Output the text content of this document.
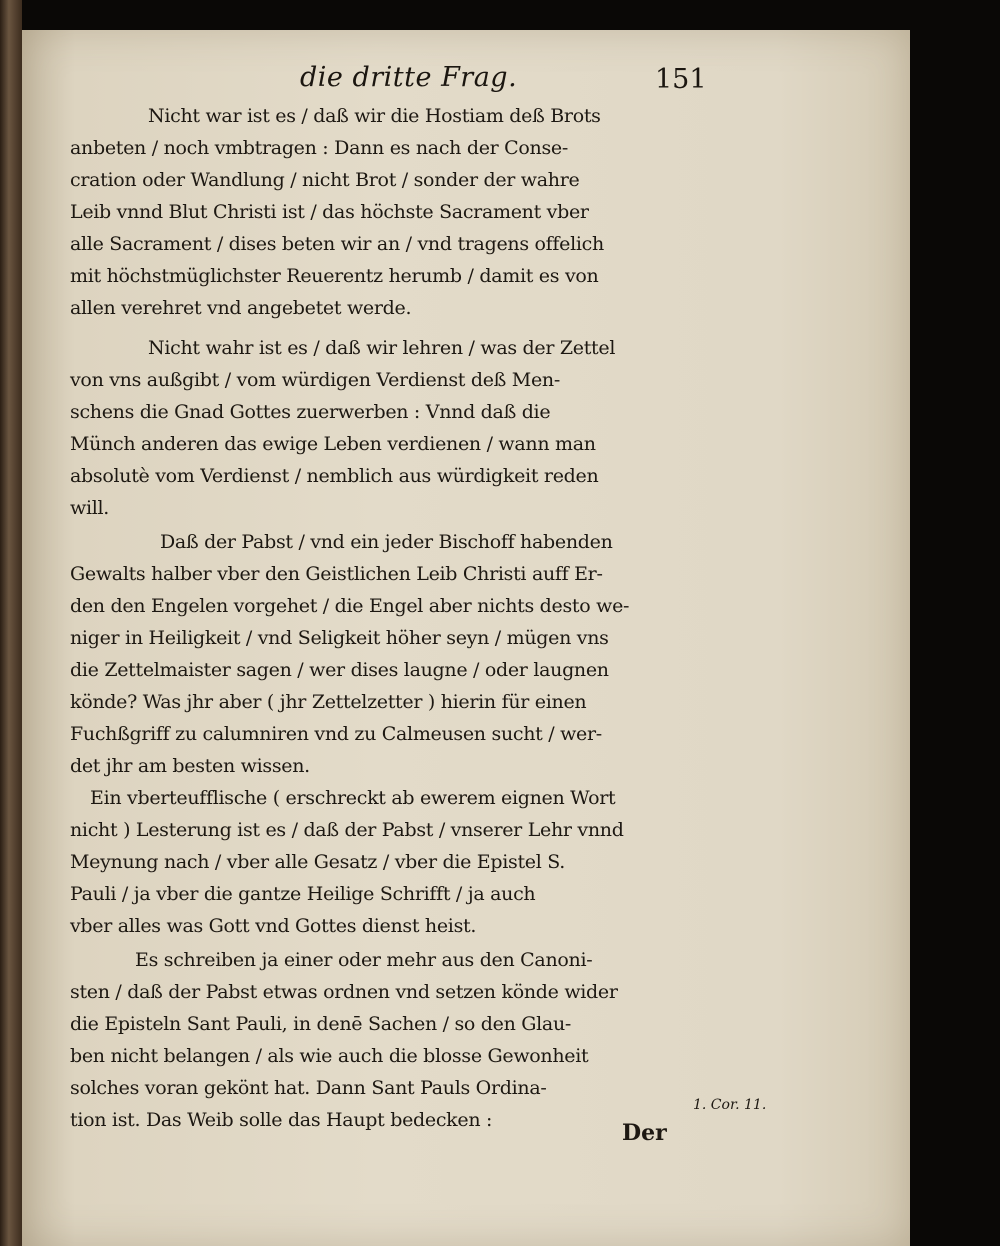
die dritte Frag.	151
Nicht war ist es / daß wir die Hostiam deß Brots
anbeten / noch vmbtragen : Dann es nach der Conse-
cration oder Wandlung / nicht Brot / sonder der wahre
Leib vnnd Blut Christi ist / das höchste Sacrament vber
alle Sacrament / dises beten wir an / vnd tragens offelich
mit höchstmüglichster Reuerentz herumb / damit es von
allen verehret vnd angebetet werde.
Nicht wahr ist es / daß wir lehren / was der Zettel
von vns außgibt / vom würdigen Verdienst deß Men-
schens die Gnad Gottes zuerwerben : Vnnd daß die
Münch anderen das ewige Leben verdienen / wann man
absolutè vom Verdienst / nemblich aus würdigkeit reden
will.
Daß der Pabst / vnd ein jeder Bischoff habenden
Gewalts halber vber den Geistlichen Leib Christi auff Er-
den den Engelen vorgehet / die Engel aber nichts desto we-
niger in Heiligkeit / vnd Seligkeit höher seyn / mügen vns
die Zettelmaister sagen / wer dises laugne / oder laugnen
könde? Was jhr aber ( jhr Zettelzetter ) hierin für einen
Fuchßgriff zu calumniren vnd zu Calmeusen sucht / wer-
det jhr am besten wissen.
Ein vberteufflische ( erschreckt ab ewerem eignen Wort
nicht ) Lesterung ist es / daß der Pabst / vnserer Lehr vnnd
Meynung nach / vber alle Gesatz / vber die Epistel S.
Pauli / ja vber die gantze Heilige Schrifft / ja auch
vber alles was Gott vnd Gottes dienst heist.
Es schreiben ja einer oder mehr aus den Canoni-
sten / daß der Pabst etwas ordnen vnd setzen könde wider
die Episteln Sant Pauli, in denē Sachen / so den Glau-
ben nicht belangen / als wie auch die blosse Gewonheit
solches voran gekönt hat. Dann Sant Pauls Ordina-
tion ist. Das Weib solle das Haupt bedecken :
1. Cor. 11.
Der
